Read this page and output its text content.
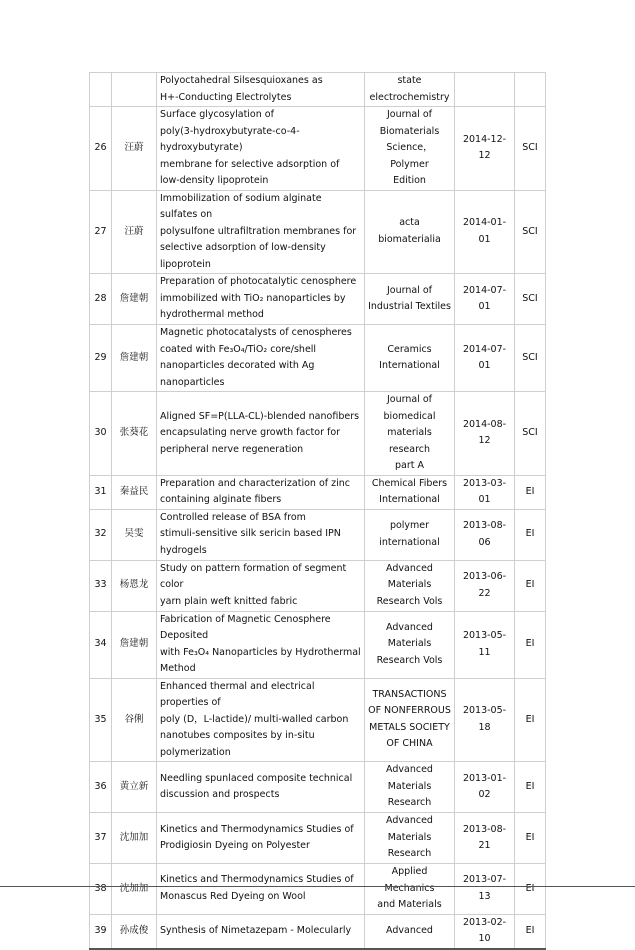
		Polyoctahedral Silsesquioxanes as
H+-Conducting Electrolytes	state
electrochemistry		
26	汪蔚	Surface glycosylation of
poly(3-hydroxybutyrate-co-4-hydroxybutyrate)
membrane for selective adsorption of
low-density lipoprotein	Journal of
Biomaterials
Science，Polymer
Edition	2014-12-12	SCI
27	汪蔚	Immobilization of sodium alginate sulfates on
polysulfone ultrafiltration membranes for
selective adsorption of low-density lipoprotein	acta biomaterialia	2014-01-01	SCI
28	詹建朝	Preparation of photocatalytic cenosphere
immobilized with TiO₂ nanoparticles by
hydrothermal method	Journal of
Industrial Textiles	2014-07-01	SCI
29	詹建朝	Magnetic photocatalysts of cenospheres
coated with Fe₃O₄/TiO₂ core/shell
nanoparticles decorated with Ag nanoparticles	Ceramics
International	2014-07-01	SCI
30	张葵花	Aligned SF=P(LLA-CL)-blended nanofibers
encapsulating nerve growth factor for
peripheral nerve regeneration	Journal of
biomedical
materials research
part A	2014-08-12	SCI
31	秦益民	Preparation and characterization of zinc
containing alginate fibers	Chemical Fibers
International	2013-03-01	EI
32	吴雯	Controlled release of BSA from
stimuli-sensitive silk sericin based IPN
hydrogels	polymer
international	2013-08-06	EI
33	杨恩龙	Study on pattern formation of segment color
yarn plain weft knitted fabric	Advanced
Materials
Research Vols	2013-06-22	EI
34	詹建朝	Fabrication of Magnetic Cenosphere Deposited
with Fe₃O₄ Nanoparticles by Hydrothermal
Method	Advanced
Materials
Research Vols	2013-05-11	EI
35	谷俐	Enhanced thermal and electrical properties of
poly (D，L-lactide)/ multi-walled carbon
nanotubes composites by in-situ
polymerization	TRANSACTIONS
OF NONFERROUS
METALS SOCIETY
OF CHINA	2013-05-18	EI
36	黄立新	Needling spunlaced composite technical
discussion and prospects	Advanced
Materials
Research	2013-01-02	EI
37	沈加加	Kinetics and Thermodynamics Studies of
Prodigiosin Dyeing on Polyester	Advanced
Materials
Research	2013-08-21	EI
38	沈加加	Kinetics and Thermodynamics Studies of
Monascus Red Dyeing on Wool	Applied Mechanics
and Materials	2013-07-13	EI
39	孙成俊	Synthesis of Nimetazepam - Molecularly	Advanced	2013-02-10	EI
